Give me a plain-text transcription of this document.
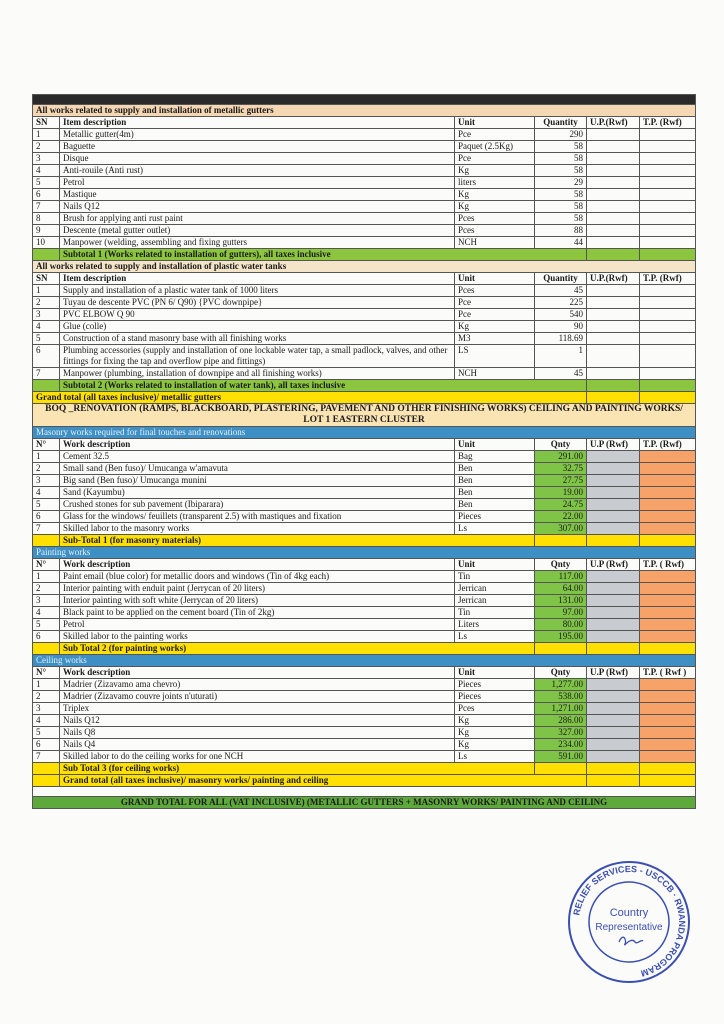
All works related to supply and installation of metallic gutters					
SN	Item description	Unit	Quantity	U.P.(Rwf)	T.P. (Rwf)
1	Metallic gutter(4m)	Pce	290		
2	Baguette	Paquet (2.5Kg)	58		
3	Disque	Pce	58		
4	Anti-rouile (Anti rust)	Kg	58		
5	Petrol	liters	29		
6	Mastique	Kg	58		
7	Nails Q12	Kg	58		
8	Brush for applying anti rust paint	Pces	58		
9	Descente (metal gutter outlet)	Pces	88		
10	Manpower (welding, assembling and fixing gutters	NCH	44		
	Subtotal 1 (Works related to installation of gutters), all taxes inclusive				
All works related to supply and installation of plastic water tanks					
SN	Item description	Unit	Quantity	U.P.(Rwf)	T.P. (Rwf)
1	Supply and installation of a plastic water tank of 1000 liters	Pces	45		
2	Tuyau de descente PVC (PN 6/ Q90) {PVC downpipe}	Pce	225		
3	PVC ELBOW Q 90	Pce	540		
4	Glue (colle)	Kg	90		
5	Construction of a stand masonry base with all finishing works	M3	118.69		
6	Plumbing accessories (supply and installation of one lockable water tap, a small padlock, valves, and other fittings for fixing the tap and overflow pipe and fittings)	LS	1		
7	Manpower (plumbing, installation of downpipe and all finishing works)	NCH	45		
	Subtotal 2 (Works related to installation of water tank), all taxes inclusive				
Grand total (all taxes inclusive)/ metallic gutters					
BOQ _RENOVATION (RAMPS, BLACKBOARD, PLASTERING, PAVEMENT AND OTHER FINISHING WORKS) CEILING AND PAINTING WORKS/ LOT 1 EASTERN CLUSTER					
Masonry works required for final touches and renovations					
N°	Work description	Unit	Qnty	U.P (Rwf)	T.P. (Rwf)
1	Cement 32.5	Bag	291.00		
2	Small sand (Ben fuso)/ Umucanga w'amavuta	Ben	32.75		
3	Big sand (Ben fuso)/ Umucanga munini	Ben	27.75		
4	Sand (Kayumbu)	Ben	19.00		
5	Crushed stones for sub pavement (Ibiparara)	Ben	24.75		
6	Glass for the windows/ feuillets (transparent 2.5) with mastiques and fixation	Pieces	22.00		
7	Skilled labor to the masonry works	Ls	307.00		
	Sub-Total 1 (for masonry materials)				
Painting works					
N°	Work description	Unit	Qnty	U.P (Rwf)	T.P. ( Rwf)
1	Paint email (blue color) for metallic doors and windows (Tin of 4kg each)	Tin	117.00		
2	Interior painting with enduit paint (Jerrycan of 20 liters)	Jerrican	64.00		
3	Interior painting with soft white (Jerrycan of 20 liters)	Jerrican	131.00		
4	Black paint to be applied on the cement board (Tin of 2kg)	Tin	97.00		
5	Petrol	Liters	80.00		
6	Skilled labor to the painting works	Ls	195.00		
	Sub Total 2 (for painting works)				
Ceiling works					
N°	Work description	Unit	Qnty	U.P (Rwf)	T.P. ( Rwf )
1	Madrier (Zizavamo ama chevro)	Pieces	1,277.00		
2	Madrier (Zizavamo couvre joints n'uturati)	Pieces	538.00		
3	Triplex	Pces	1,271.00		
4	Nails Q12	Kg	286.00		
5	Nails Q8	Kg	327.00		
6	Nails Q4	Kg	234.00		
7	Skilled labor to do the ceiling works for one NCH	Ls	591.00		
	Sub Total 3 (for ceiling works)				
	Grand total (all taxes inclusive)/ masonry works/ painting and ceiling				

GRAND TOTAL FOR ALL (VAT INCLUSIVE) (METALLIC GUTTERS + MASONRY WORKS/ PAINTING AND CEILING					
RELIEF SERVICES - USCCB · RWANDA PROGRAM
Country
Representative
